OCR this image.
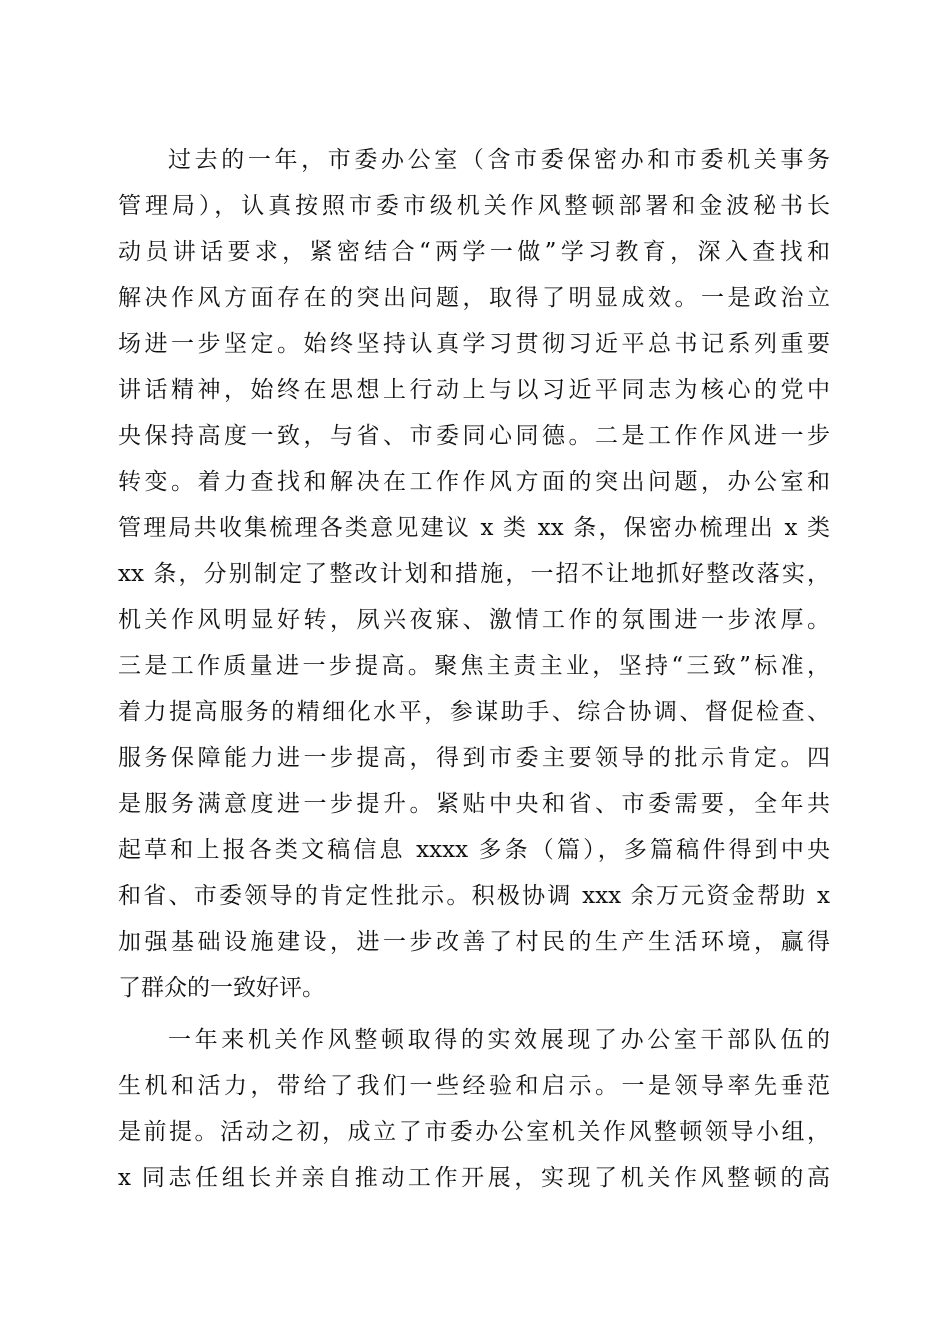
过去的一年，市委办公室（含市委保密办和市委机关事务
管理局），认真按照市委市级机关作风整顿部署和金波秘书长
动员讲话要求，紧密结合“两学一做”学习教育，深入查找和
解决作风方面存在的突出问题，取得了明显成效。一是政治立
场进一步坚定。始终坚持认真学习贯彻习近平总书记系列重要
讲话精神，始终在思想上行动上与以习近平同志为核心的党中
央保持高度一致，与省、市委同心同德。二是工作作风进一步
转变。着力查找和解决在工作作风方面的突出问题，办公室和
管理局共收集梳理各类意见建议 x 类 xx 条，保密办梳理出 x 类
xx 条，分别制定了整改计划和措施，一招不让地抓好整改落实，
机关作风明显好转，夙兴夜寐、激情工作的氛围进一步浓厚。
三是工作质量进一步提高。聚焦主责主业，坚持“三致”标准，
着力提高服务的精细化水平，参谋助手、综合协调、督促检查、
服务保障能力进一步提高，得到市委主要领导的批示肯定。四
是服务满意度进一步提升。紧贴中央和省、市委需要，全年共
起草和上报各类文稿信息 xxxx 多条（篇），多篇稿件得到中央
和省、市委领导的肯定性批示。积极协调 xxx 余万元资金帮助 x
加强基础设施建设，进一步改善了村民的生产生活环境，赢得
了群众的一致好评。
一年来机关作风整顿取得的实效展现了办公室干部队伍的
生机和活力，带给了我们一些经验和启示。一是领导率先垂范
是前提。活动之初，成立了市委办公室机关作风整顿领导小组，
x 同志任组长并亲自推动工作开展，实现了机关作风整顿的高
